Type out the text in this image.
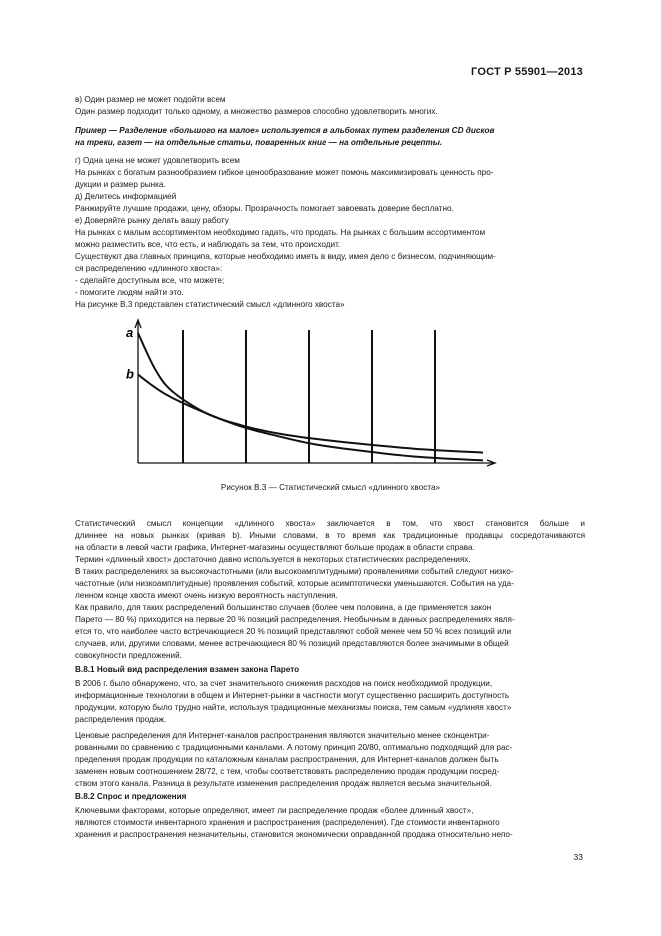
ГОСТ Р 55901—2013
в) Один размер не может подойти всем
Один размер подходит только одному, а множество размеров способно удовлетворить многих.
Пример — Разделение «большого на малое» используется в альбомах путем разделения CD дисков
на треки, газет — на отдельные статьи, поваренных книг — на отдельные рецепты.
г) Одна цена не может удовлетворить всем
На рынках с богатым разнообразием гибкое ценообразование может помочь максимизировать ценность про-
дукции и размер рынка.
д) Делитесь информацией
Ранжируйте лучшие продажи, цену, обзоры. Прозрачность помогает завоевать доверие бесплатно.
е) Доверяйте рынку делать вашу работу
На рынках с малым ассортиментом необходимо гадать, что продать. На рынках с большим ассортиментом
можно разместить все, что есть, и наблюдать за тем, что происходит.
Существуют два главных принципа, которые необходимо иметь в виду, имея дело с бизнесом, подчиняющим-
ся распределению «длинного хвоста»:
- сделайте доступным все, что можете;
- помогите людям найти это.
На рисунке В.3 представлен статистический смысл «длинного хвоста»
a
b
Рисунок В.3 — Статистический смысл «длинного хвоста»
Статистический смысл концепции «длинного хвоста» заключается в том, что хвост становится больше и
длиннее на новых рынках (кривая b). Иными словами, в то время как традиционные продавцы сосредотачиваются
на области в левой части графика, Интернет-магазины осуществляют больше продаж в области справа.
Термин «длинный хвост» достаточно давно используется в некоторых статистических распределениях.
В таких распределениях за высокочастотными (или высокоамплитудными) проявлениями событий следуют низко-
частотные (или низкоамплитудные) проявления событий, которые асимптотически уменьшаются. События на уда-
ленном конце хвоста имеют очень низкую вероятность наступления.
Как правило, для таких распределений большинство случаев (более чем половина, а где применяется закон
Парето — 80 %) приходится на первые 20 % позиций распределения. Необычным в данных распределениях явля-
ется то, что наиболее часто встречающиеся 20 % позиций представляют собой менее чем 50 % всех позиций или
случаев, или, другими словами, менее встречающиеся 80 % позиций представляются более значимыми в общей
совокупности предложений.
В.8.1 Новый вид распределения взамен закона Парето
В 2006 г. было обнаружено, что, за счет значительного снижения расходов на поиск необходимой продукции,
информационные технологии в общем и Интернет-рынки в частности могут существенно расширить доступность
продукции, которую было трудно найти, используя традиционные механизмы поиска, тем самым «удлиняя хвост»
распределения продаж.
Ценовые распределения для Интернет-каналов распространения являются значительно менее сконцентри-
рованными по сравнению с традиционными каналами. А потому принцип 20/80, оптимально подходящий для рас-
пределения продаж продукции по каталожным каналам распространения, для Интернет-каналов должен быть
заменен новым соотношением 28/72, с тем, чтобы соответствовать распределению продаж продукции посред-
ством этого канала. Разница в результате изменения распределения продаж является весьма значительной.
В.8.2 Спрос и предложения
Ключевыми факторами, которые определяют, имеет ли распределение продаж «более длинный хвост»,
являются стоимости инвентарного хранения и распространения (распределения). Где стоимости инвентарного
хранения и распространения незначительны, становится экономически оправданной продажа относительно непо-
33
